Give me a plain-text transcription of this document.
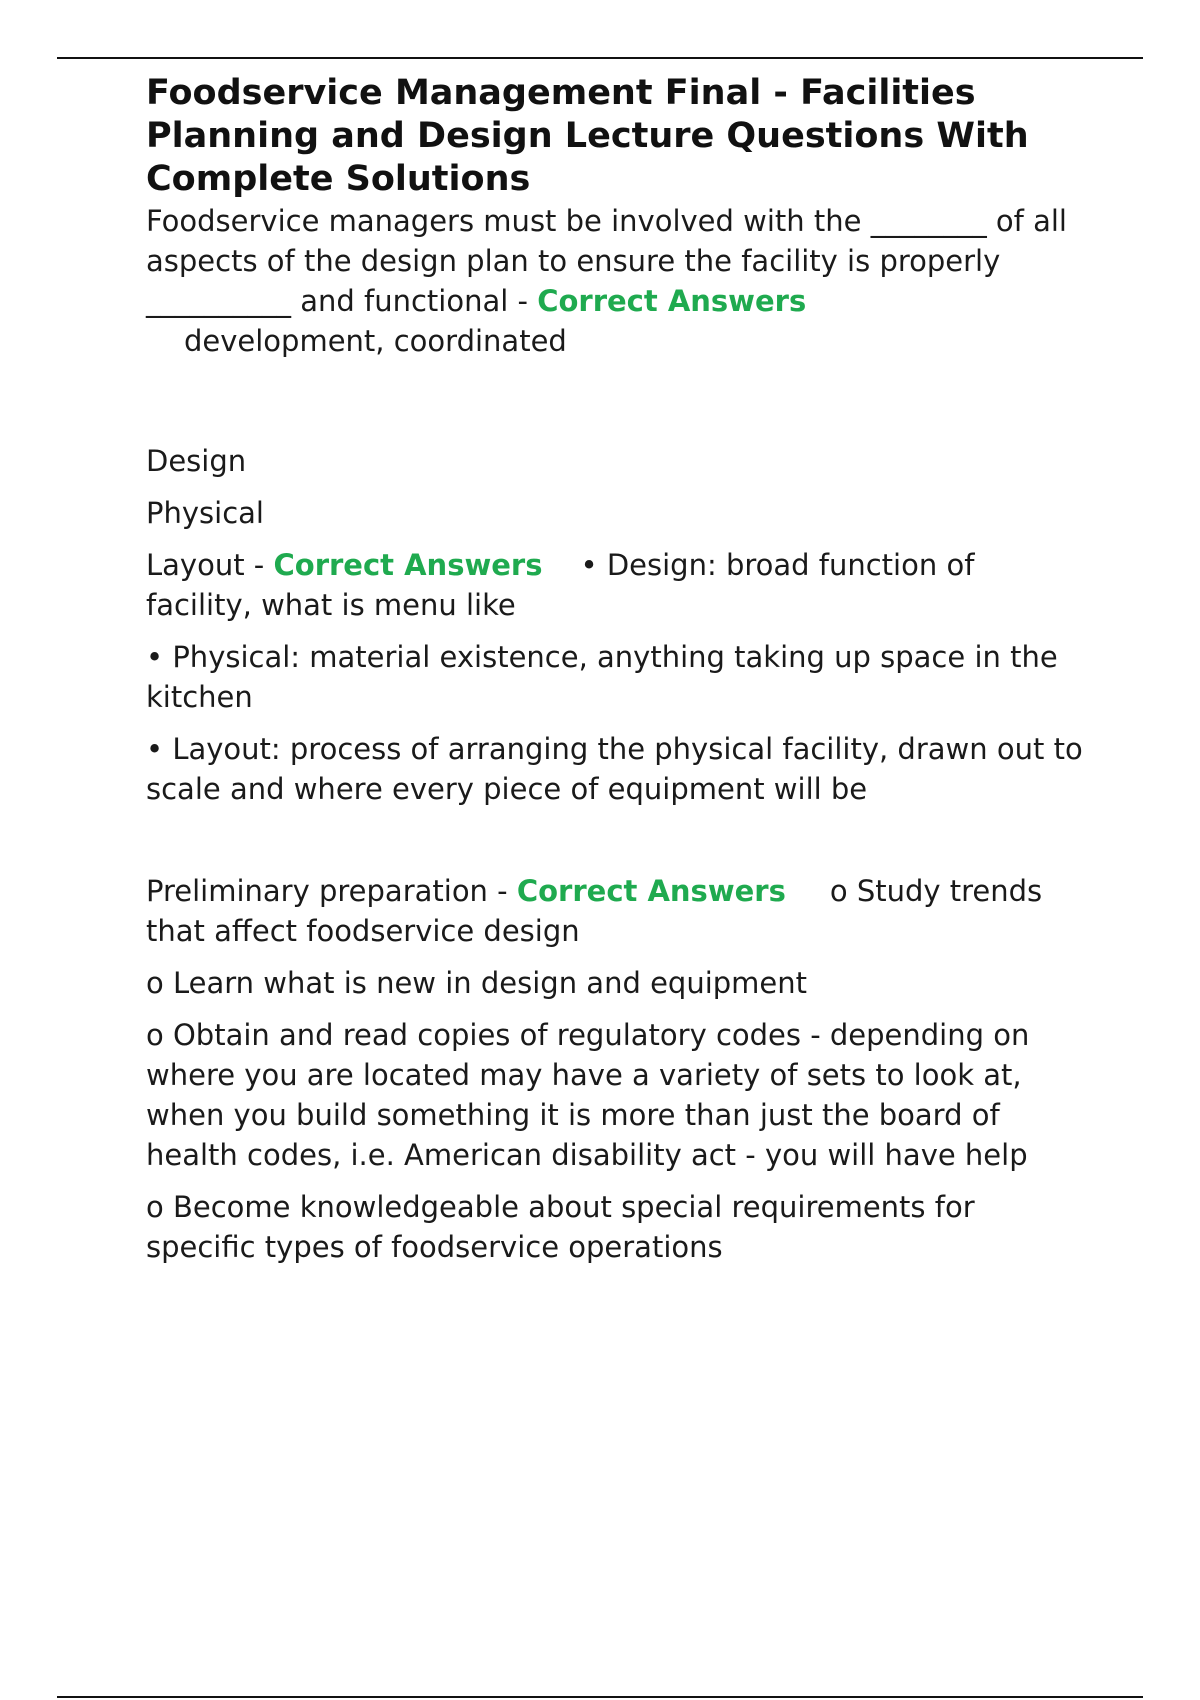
Foodservice Management Final - Facilities Planning and Design Lecture Questions With Complete Solutions

Foodservice managers must be involved with the ________ of all aspects of the design plan to ensure the facility is properly __________ and functional - Correct Answers

development, coordinated

Design

Physical

Layout - Correct Answers • Design: broad function of facility, what is menu like

• Physical: material existence, anything taking up space in the kitchen

• Layout: process of arranging the physical facility, drawn out to scale and where every piece of equipment will be

Preliminary preparation - Correct Answers o Study trends that affect foodservice design

o Learn what is new in design and equipment

o Obtain and read copies of regulatory codes - depending on where you are located may have a variety of sets to look at, when you build something it is more than just the board of health codes, i.e. American disability act - you will have help

o Become knowledgeable about special requirements for specific types of foodservice operations
